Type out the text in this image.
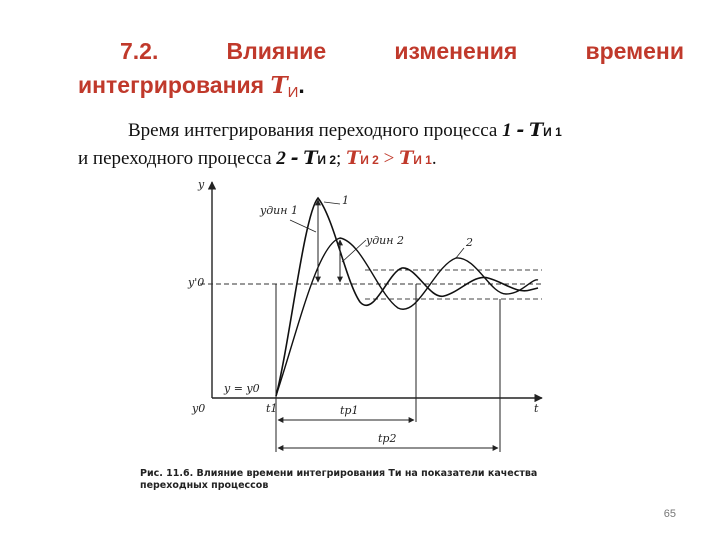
7.2.	Влияние	изменения	времени
интегрирования $T_И$.
Время интегрирования переходного процесса 1 - TИ 1
и переходного процесса 2 - TИ 2; TИ 2 > TИ 1.
y
t
y'0
y = y0
y0	t1
yдин 1
yдин 2
1
2
tр1
tр2
Рис. 11.6. Влияние времени интегрирования Tи на показатели качества переходных процессов
65
